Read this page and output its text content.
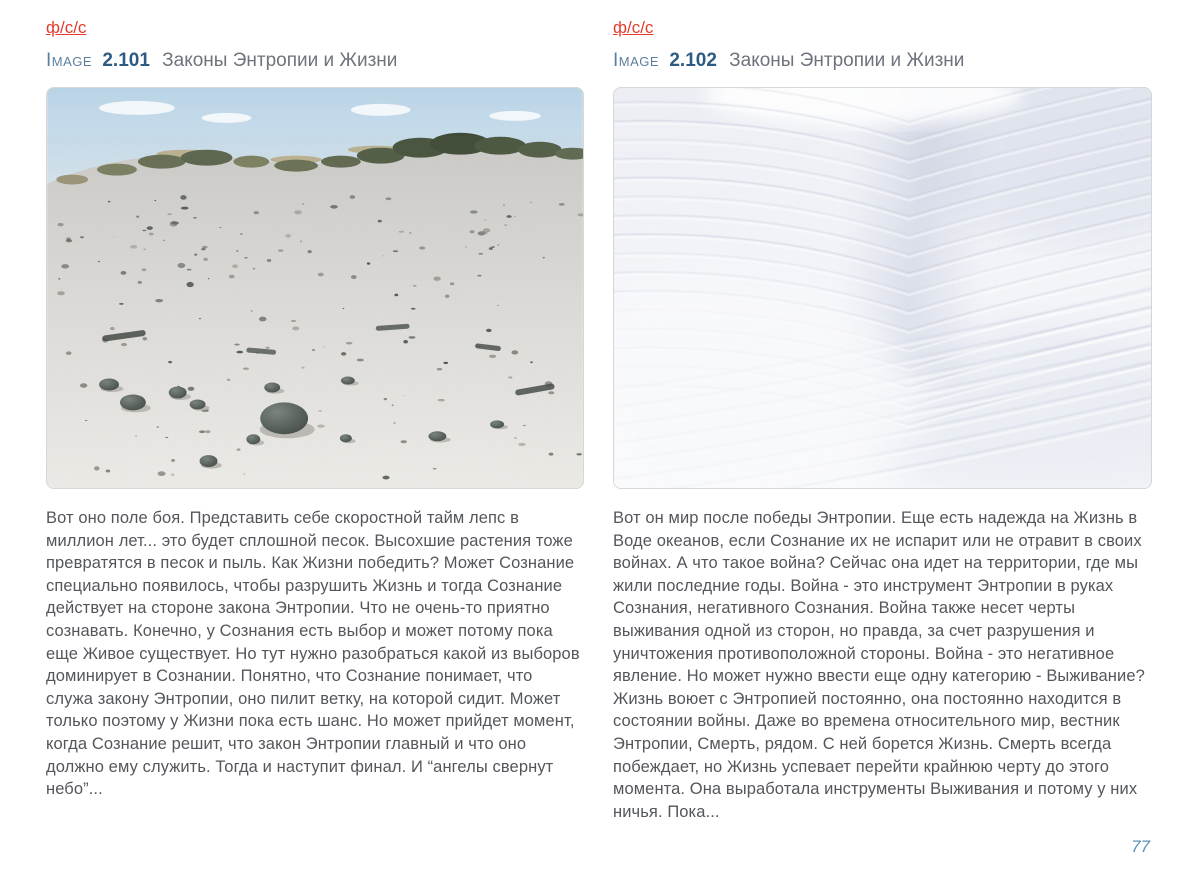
ф/с/с
Image 2.101 Законы Энтропии и Жизни

Вот оно поле боя. Представить себе скоростной тайм лепс в миллион лет... это будет сплошной песок. Высохшие растения тоже превратятся в песок и пыль. Как Жизни победить? Может Сознание специально появилось, чтобы разрушить Жизнь и тогда Сознание действует на стороне закона Энтропии. Что не очень-то приятно сознавать. Конечно, у Сознания есть выбор и может потому пока еще Живое существует. Но тут нужно разобраться какой из выборов доминирует в Сознании. Понятно, что Сознание понимает, что служа закону Энтропии, оно пилит ветку, на которой сидит. Может только поэтому у Жизни пока есть шанс. Но может прийдет момент, когда Сознание решит, что закон Энтропии главный и что оно должно ему служить. Тогда и наступит финал. И “ангелы свернут небо”...

ф/с/с
Image 2.102 Законы Энтропии и Жизни

Вот он мир после победы Энтропии. Еще есть надежда на Жизнь в Воде океанов, если Сознание их не испарит или не отравит в своих войнах. А что такое война? Сейчас она идет на территории, где мы жили последние годы. Война - это инструмент Энтропии в руках Сознания, негативного Сознания. Война также несет черты выживания одной из сторон, но правда, за счет разрушения и уничтожения противоположной стороны. Война - это негативное явление. Но может нужно ввести еще одну категорию - Выживание? Жизнь воюет с Энтропией постоянно, она постоянно находится в состоянии войны. Даже во времена относительного мир, вестник Энтропии, Смерть, рядом. С ней борется Жизнь. Смерть всегда побеждает, но Жизнь успевает перейти крайнюю черту до этого момента. Она выработала инструменты Выживания и потому у них ничья. Пока...

77
